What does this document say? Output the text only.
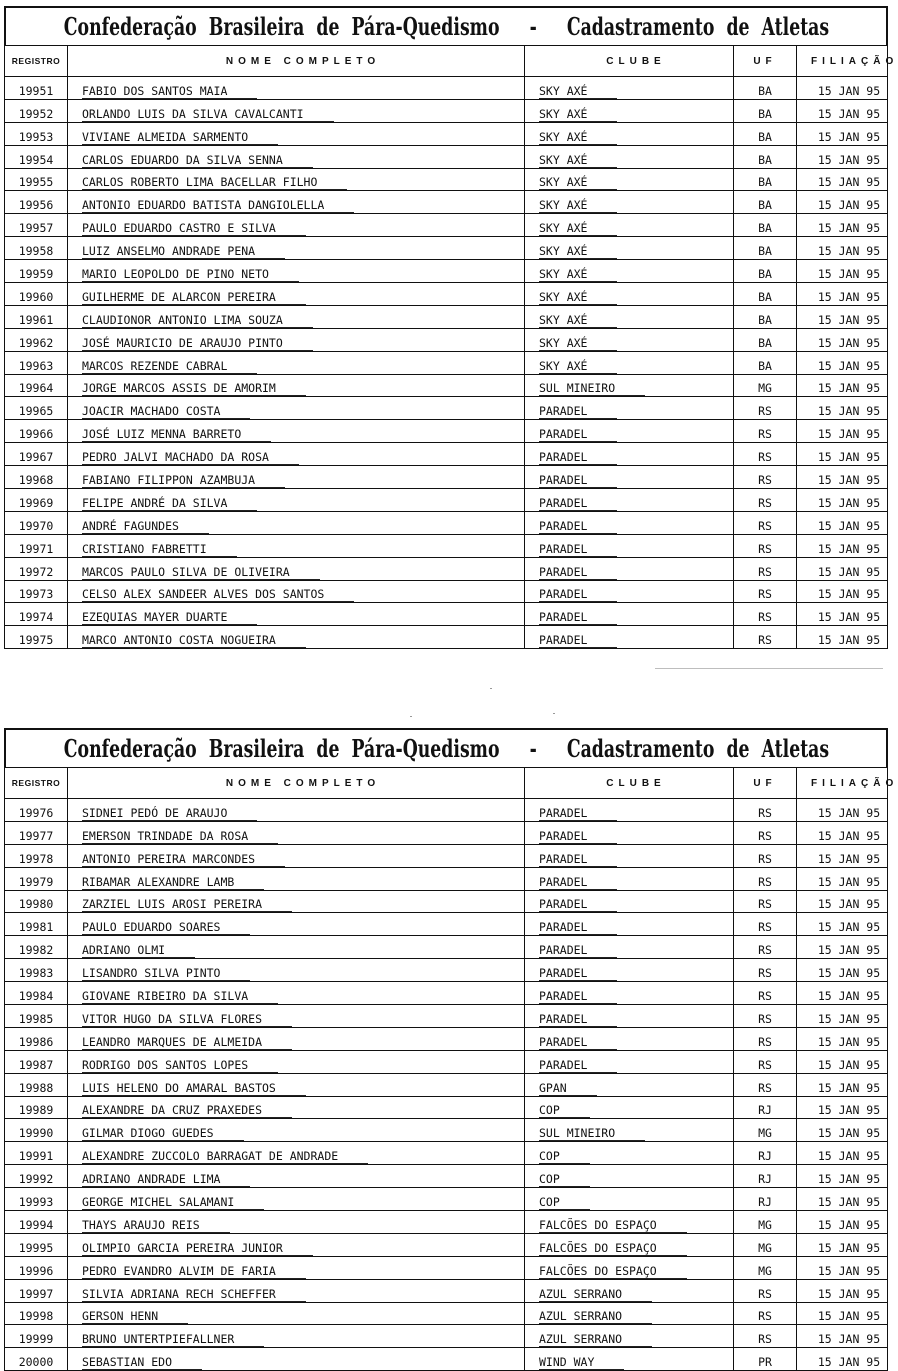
Confederação  Brasileira  de  Pára-Quedismo     -     Cadastramento  de  Atletas
REGISTRO	NOME COMPLETO	CLUBE	UF	FILIAÇÃO
19951	FABIO DOS SANTOS MAIA	SKY AXÉ	BA	15 JAN 95
19952	ORLANDO LUIS DA SILVA CAVALCANTI	SKY AXÉ	BA	15 JAN 95
19953	VIVIANE ALMEIDA SARMENTO	SKY AXÉ	BA	15 JAN 95
19954	CARLOS EDUARDO DA SILVA SENNA	SKY AXÉ	BA	15 JAN 95
19955	CARLOS ROBERTO LIMA BACELLAR FILHO	SKY AXÉ	BA	15 JAN 95
19956	ANTONIO EDUARDO BATISTA DANGIOLELLA	SKY AXÉ	BA	15 JAN 95
19957	PAULO EDUARDO CASTRO E SILVA	SKY AXÉ	BA	15 JAN 95
19958	LUIZ ANSELMO ANDRADE PENA	SKY AXÉ	BA	15 JAN 95
19959	MARIO LEOPOLDO DE PINO NETO	SKY AXÉ	BA	15 JAN 95
19960	GUILHERME DE ALARCON PEREIRA	SKY AXÉ	BA	15 JAN 95
19961	CLAUDIONOR ANTONIO LIMA SOUZA	SKY AXÉ	BA	15 JAN 95
19962	JOSÉ MAURICIO DE ARAUJO PINTO	SKY AXÉ	BA	15 JAN 95
19963	MARCOS REZENDE CABRAL	SKY AXÉ	BA	15 JAN 95
19964	JORGE MARCOS ASSIS DE AMORIM	SUL MINEIRO	MG	15 JAN 95
19965	JOACIR MACHADO COSTA	PARADEL	RS	15 JAN 95
19966	JOSÉ LUIZ MENNA BARRETO	PARADEL	RS	15 JAN 95
19967	PEDRO JALVI MACHADO DA ROSA	PARADEL	RS	15 JAN 95
19968	FABIANO FILIPPON AZAMBUJA	PARADEL	RS	15 JAN 95
19969	FELIPE ANDRÉ DA SILVA	PARADEL	RS	15 JAN 95
19970	ANDRÉ FAGUNDES	PARADEL	RS	15 JAN 95
19971	CRISTIANO FABRETTI	PARADEL	RS	15 JAN 95
19972	MARCOS PAULO SILVA DE OLIVEIRA	PARADEL	RS	15 JAN 95
19973	CELSO ALEX SANDEER ALVES DOS SANTOS	PARADEL	RS	15 JAN 95
19974	EZEQUIAS MAYER DUARTE	PARADEL	RS	15 JAN 95
19975	MARCO ANTONIO COSTA NOGUEIRA	PARADEL	RS	15 JAN 95
Confederação  Brasileira  de  Pára-Quedismo     -     Cadastramento  de  Atletas
REGISTRO	NOME COMPLETO	CLUBE	UF	FILIAÇÃO
19976	SIDNEI PEDÓ DE ARAUJO	PARADEL	RS	15 JAN 95
19977	EMERSON TRINDADE DA ROSA	PARADEL	RS	15 JAN 95
19978	ANTONIO PEREIRA MARCONDES	PARADEL	RS	15 JAN 95
19979	RIBAMAR ALEXANDRE LAMB	PARADEL	RS	15 JAN 95
19980	ZARZIEL LUIS AROSI PEREIRA	PARADEL	RS	15 JAN 95
19981	PAULO EDUARDO SOARES	PARADEL	RS	15 JAN 95
19982	ADRIANO OLMI	PARADEL	RS	15 JAN 95
19983	LISANDRO SILVA PINTO	PARADEL	RS	15 JAN 95
19984	GIOVANE RIBEIRO DA SILVA	PARADEL	RS	15 JAN 95
19985	VITOR HUGO DA SILVA FLORES	PARADEL	RS	15 JAN 95
19986	LEANDRO MARQUES DE ALMEIDA	PARADEL	RS	15 JAN 95
19987	RODRIGO DOS SANTOS LOPES	PARADEL	RS	15 JAN 95
19988	LUIS HELENO DO AMARAL BASTOS	GPAN	RS	15 JAN 95
19989	ALEXANDRE DA CRUZ PRAXEDES	COP	RJ	15 JAN 95
19990	GILMAR DIOGO GUEDES	SUL MINEIRO	MG	15 JAN 95
19991	ALEXANDRE ZUCCOLO BARRAGAT DE ANDRADE	COP	RJ	15 JAN 95
19992	ADRIANO ANDRADE LIMA	COP	RJ	15 JAN 95
19993	GEORGE MICHEL SALAMANI	COP	RJ	15 JAN 95
19994	THAYS ARAUJO REIS	FALCÕES DO ESPAÇO	MG	15 JAN 95
19995	OLIMPIO GARCIA PEREIRA JUNIOR	FALCÕES DO ESPAÇO	MG	15 JAN 95
19996	PEDRO EVANDRO ALVIM DE FARIA	FALCÕES DO ESPAÇO	MG	15 JAN 95
19997	SILVIA ADRIANA RECH SCHEFFER	AZUL SERRANO	RS	15 JAN 95
19998	GERSON HENN	AZUL SERRANO	RS	15 JAN 95
19999	BRUNO UNTERTPIEFALLNER	AZUL SERRANO	RS	15 JAN 95
20000	SEBASTIAN EDO	WIND WAY	PR	15 JAN 95
